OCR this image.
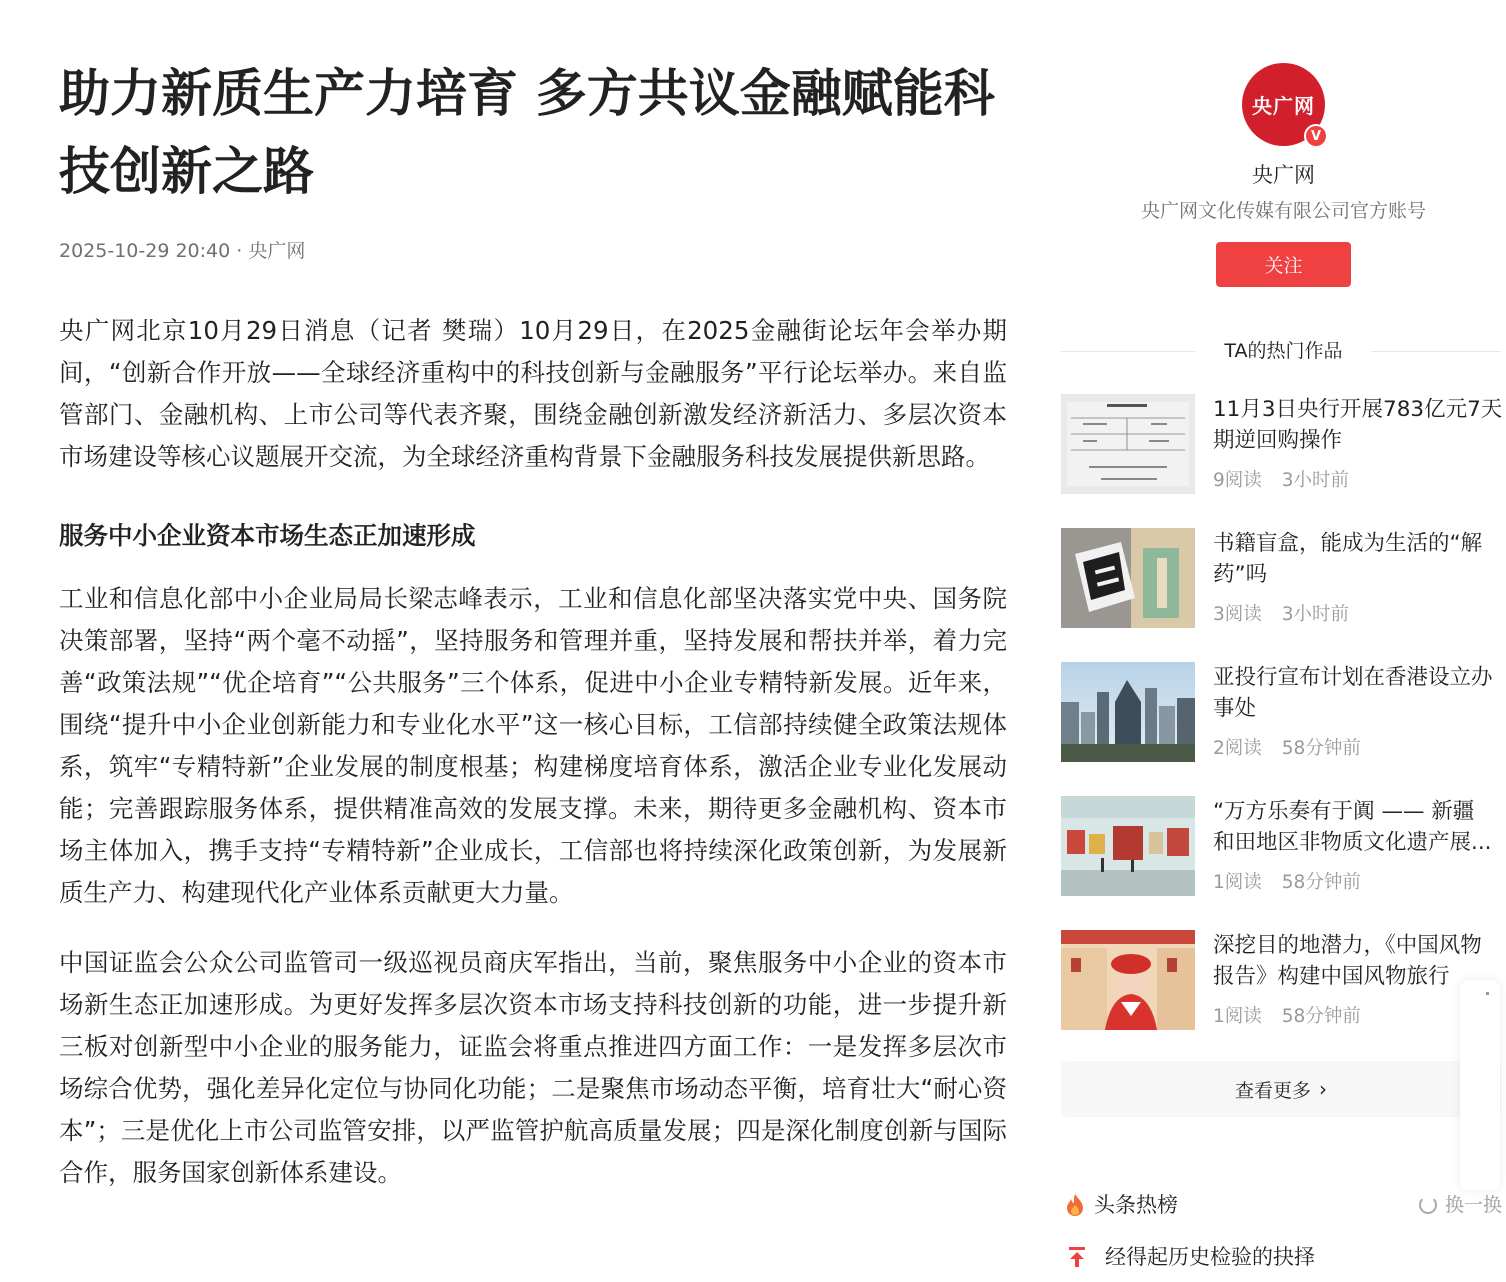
助力新质生产力培育 多方共议金融赋能科技创新之路
2025-10-29 20:40 · 央广网

央广网北京10月29日消息（记者 樊瑞）10月29日，在2025金融街论坛年会举办期间，“创新合作开放——全球经济重构中的科技创新与金融服务”平行论坛举办。来自监管部门、金融机构、上市公司等代表齐聚，围绕金融创新激发经济新活力、多层次资本市场建设等核心议题展开交流，为全球经济重构背景下金融服务科技发展提供新思路。

服务中小企业资本市场生态正加速形成

工业和信息化部中小企业局局长梁志峰表示，工业和信息化部坚决落实党中央、国务院决策部署，坚持“两个毫不动摇”，坚持服务和管理并重，坚持发展和帮扶并举，着力完善“政策法规”“优企培育”“公共服务”三个体系，促进中小企业专精特新发展。近年来，围绕“提升中小企业创新能力和专业化水平”这一核心目标，工信部持续健全政策法规体系，筑牢“专精特新”企业发展的制度根基；构建梯度培育体系，激活企业专业化发展动能；完善跟踪服务体系，提供精准高效的发展支撑。未来，期待更多金融机构、资本市场主体加入，携手支持“专精特新”企业成长，工信部也将持续深化政策创新，为发展新质生产力、构建现代化产业体系贡献更大力量。

中国证监会公众公司监管司一级巡视员商庆军指出，当前，聚焦服务中小企业的资本市场新生态正加速形成。为更好发挥多层次资本市场支持科技创新的功能，进一步提升新三板对创新型中小企业的服务能力，证监会将重点推进四方面工作：一是发挥多层次市场综合优势，强化差异化定位与协同化功能；二是聚焦市场动态平衡，培育壮大“耐心资本”；三是优化上市公司监管安排，以严监管护航高质量发展；四是深化制度创新与国际合作，服务国家创新体系建设。

央广网
V
央广网
央广网文化传媒有限公司官方账号
关注
TA的热门作品
11月3日央行开展783亿元7天
期逆回购操作
9阅读 3小时前
书籍盲盒，能成为生活的“解
药”吗
3阅读 3小时前
亚投行宣布计划在香港设立办
事处
2阅读 58分钟前
“万方乐奏有于阗 —— 新疆
和田地区非物质文化遗产展...
1阅读 58分钟前
深挖目的地潜力，《中国风物
报告》构建中国风物旅行
1阅读 58分钟前
查看更多 ›
头条热榜	换一换
经得起历史检验的抉择
